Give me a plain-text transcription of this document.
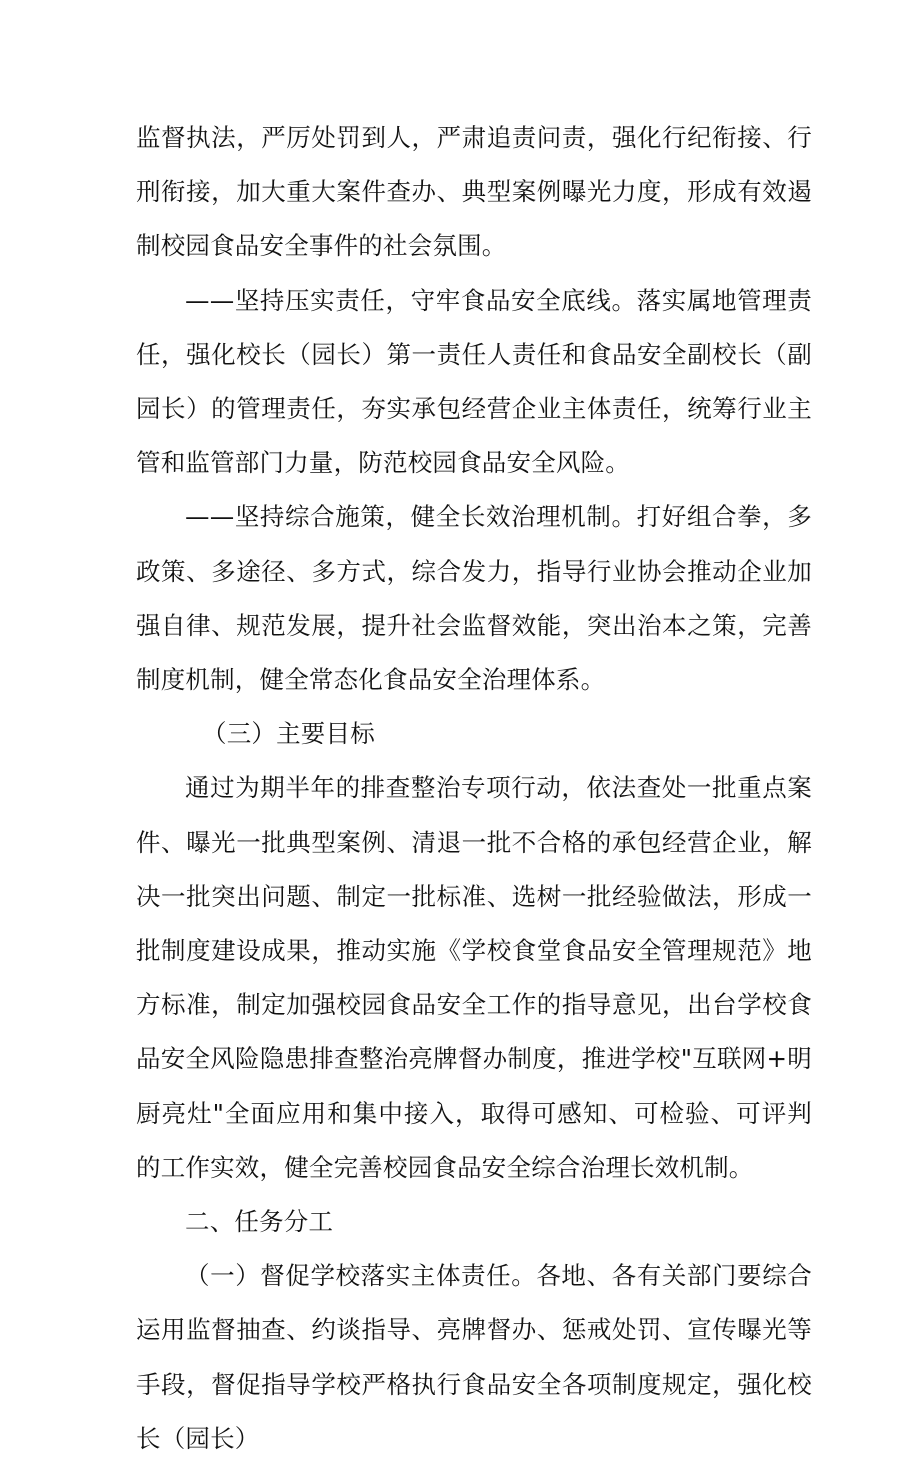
监督执法，严厉处罚到人，严肃追责问责，强化行纪衔接、行刑衔接，加大重大案件查办、典型案例曝光力度，形成有效遏制校园食品安全事件的社会氛围。

——坚持压实责任，守牢食品安全底线。落实属地管理责任，强化校长（园长）第一责任人责任和食品安全副校长（副园长）的管理责任，夯实承包经营企业主体责任，统筹行业主管和监管部门力量，防范校园食品安全风险。

——坚持综合施策，健全长效治理机制。打好组合拳，多政策、多途径、多方式，综合发力，指导行业协会推动企业加强自律、规范发展，提升社会监督效能，突出治本之策，完善制度机制，健全常态化食品安全治理体系。

（三）主要目标

通过为期半年的排查整治专项行动，依法查处一批重点案件、曝光一批典型案例、清退一批不合格的承包经营企业，解决一批突出问题、制定一批标准、选树一批经验做法，形成一批制度建设成果，推动实施《学校食堂食品安全管理规范》地方标准，制定加强校园食品安全工作的指导意见，出台学校食品安全风险隐患排查整治亮牌督办制度，推进学校"互联网+明厨亮灶"全面应用和集中接入，取得可感知、可检验、可评判的工作实效，健全完善校园食品安全综合治理长效机制。

二、任务分工

（一）督促学校落实主体责任。各地、各有关部门要综合运用监督抽查、约谈指导、亮牌督办、惩戒处罚、宣传曝光等手段，督促指导学校严格执行食品安全各项制度规定，强化校长（园长）
